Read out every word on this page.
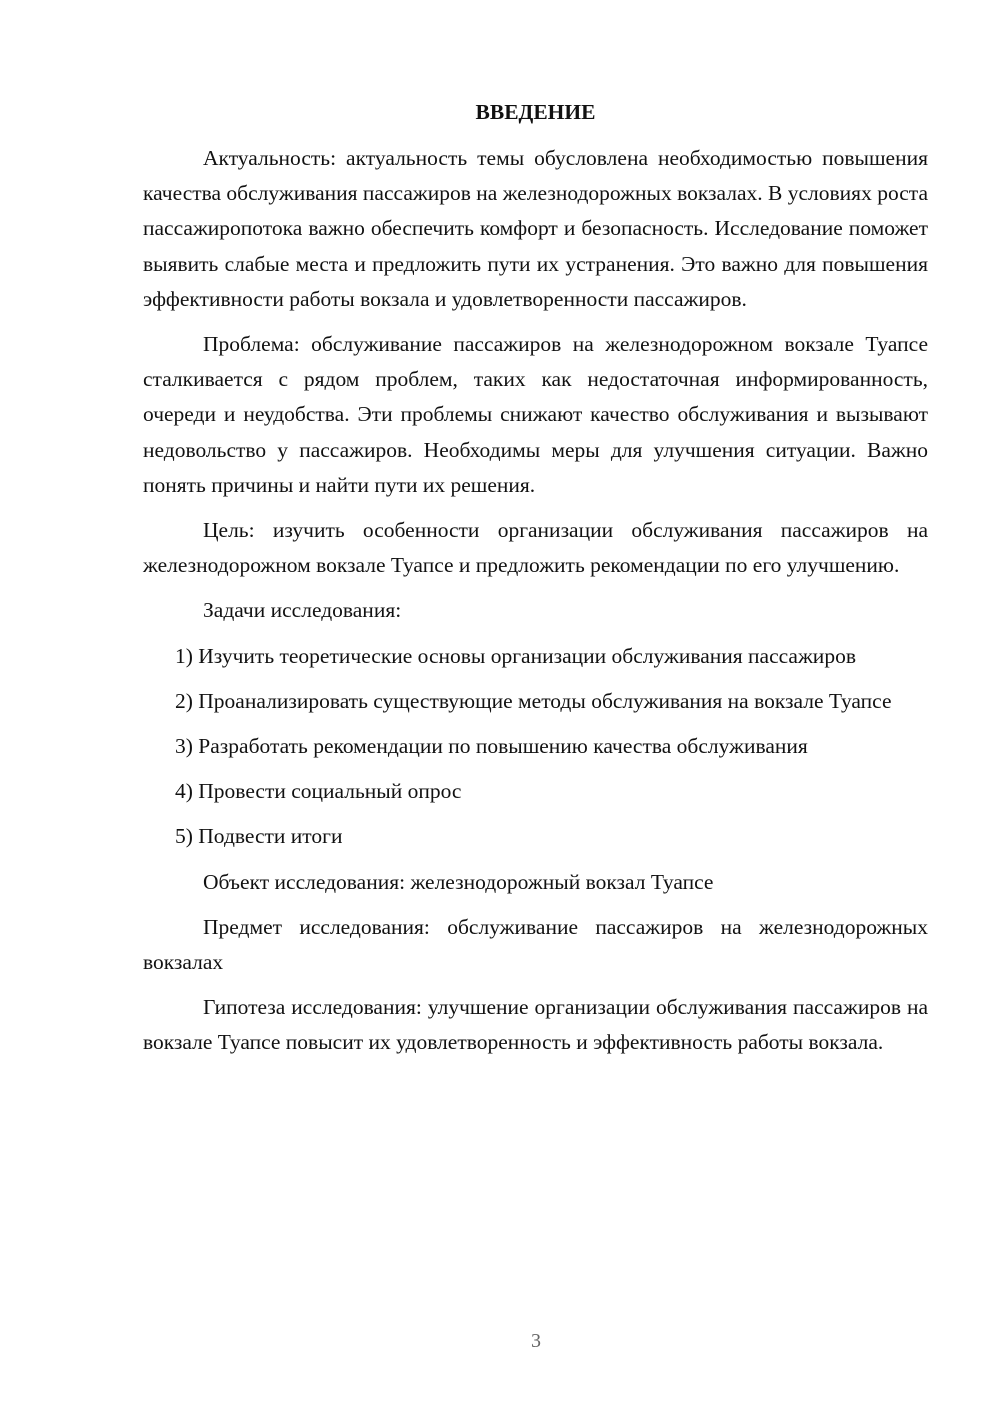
ВВЕДЕНИЕ

Актуальность: актуальность темы обусловлена необходимостью повышения качества обслуживания пассажиров на железнодорожных вокзалах. В условиях роста пассажиропотока важно обеспечить комфорт и безопасность. Исследование поможет выявить слабые места и предложить пути их устранения. Это важно для повышения эффективности работы вокзала и удовлетворенности пассажиров.

Проблема: обслуживание пассажиров на железнодорожном вокзале Туапсе сталкивается с рядом проблем, таких как недостаточная информированность, очереди и неудобства. Эти проблемы снижают качество обслуживания и вызывают недовольство у пассажиров. Необходимы меры для улучшения ситуации. Важно понять причины и найти пути их решения.

Цель: изучить особенности организации обслуживания пассажиров на железнодорожном вокзале Туапсе и предложить рекомендации по его улучшению.

Задачи исследования:

1) Изучить теоретические основы организации обслуживания пассажиров

2) Проанализировать существующие методы обслуживания на вокзале Туапсе

3) Разработать рекомендации по повышению качества обслуживания

4) Провести социальный опрос

5) Подвести итоги

Объект исследования: железнодорожный вокзал Туапсе

Предмет исследования: обслуживание пассажиров на железнодорожных вокзалах

Гипотеза исследования: улучшение организации обслуживания пассажиров на вокзале Туапсе повысит их удовлетворенность и эффективность работы вокзала.

3
